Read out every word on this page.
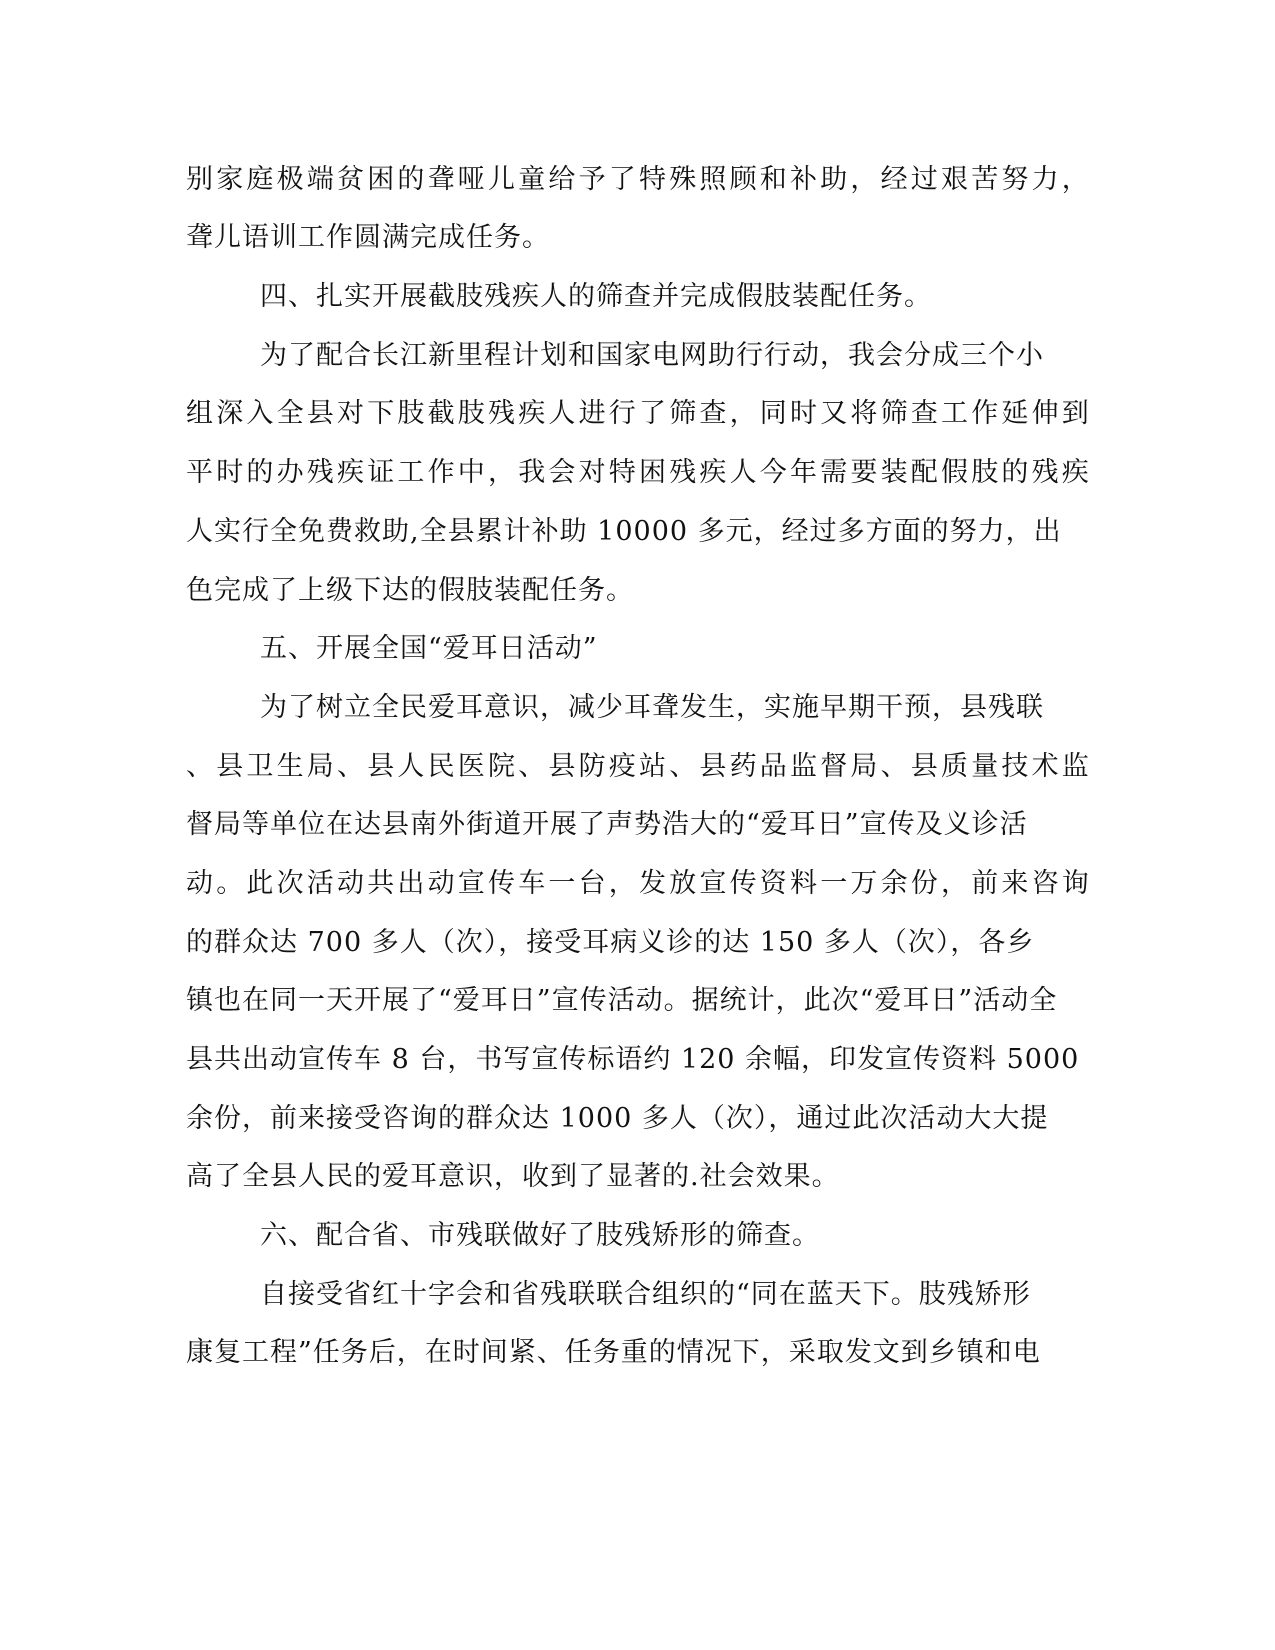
别家庭极端贫困的聋哑儿童给予了特殊照顾和补助，经过艰苦努力，
聋儿语训工作圆满完成任务。
四、扎实开展截肢残疾人的筛查并完成假肢装配任务。
为了配合长江新里程计划和国家电网助行行动，我会分成三个小
组深入全县对下肢截肢残疾人进行了筛查，同时又将筛查工作延伸到
平时的办残疾证工作中，我会对特困残疾人今年需要装配假肢的残疾
人实行全免费救助,全县累计补助 10000 多元，经过多方面的努力，出
色完成了上级下达的假肢装配任务。
五、开展全国“爱耳日活动”
为了树立全民爱耳意识，减少耳聋发生，实施早期干预，县残联
、县卫生局、县人民医院、县防疫站、县药品监督局、县质量技术监
督局等单位在达县南外街道开展了声势浩大的“爱耳日”宣传及义诊活
动。此次活动共出动宣传车一台，发放宣传资料一万余份，前来咨询
的群众达 700 多人（次），接受耳病义诊的达 150 多人（次），各乡
镇也在同一天开展了“爱耳日”宣传活动。据统计，此次“爱耳日”活动全
县共出动宣传车 8 台，书写宣传标语约 120 余幅，印发宣传资料 5000
余份，前来接受咨询的群众达 1000 多人（次），通过此次活动大大提
高了全县人民的爱耳意识，收到了显著的.社会效果。
六、配合省、市残联做好了肢残矫形的筛查。
自接受省红十字会和省残联联合组织的“同在蓝天下。肢残矫形
康复工程”任务后，在时间紧、任务重的情况下，采取发文到乡镇和电
